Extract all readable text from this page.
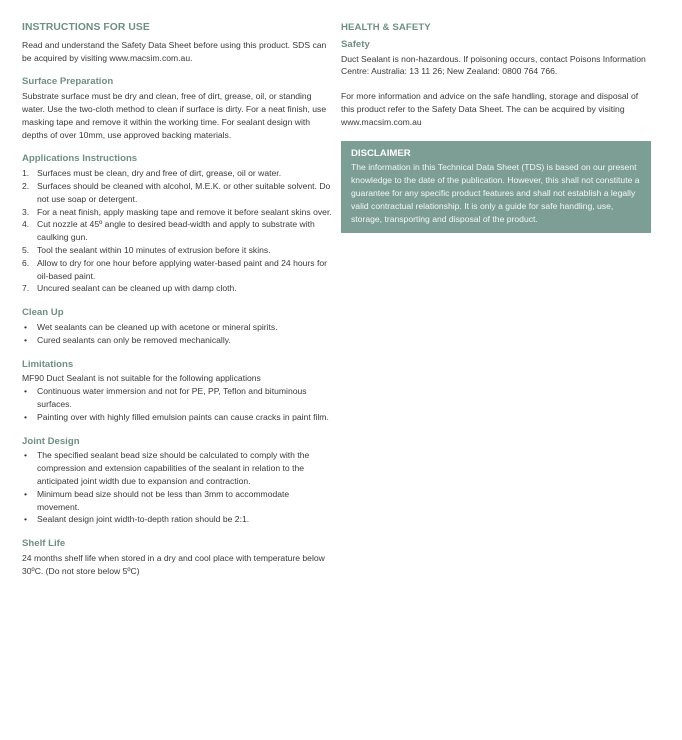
INSTRUCTIONS FOR USE

Read and understand the Safety Data Sheet before using this product. SDS can be acquired by visiting www.macsim.com.au.

Surface Preparation

Substrate surface must be dry and clean, free of dirt, grease, oil, or standing water. Use the two-cloth method to clean if surface is dirty. For a neat finish, use masking tape and remove it within the working time. For sealant design with depths of over 10mm, use approved backing materials.

Applications Instructions
1. Surfaces must be clean, dry and free of dirt, grease, oil or water.
2. Surfaces should be cleaned with alcohol, M.E.K. or other suitable solvent. Do not use soap or detergent.
3. For a neat finish, apply masking tape and remove it before sealant skins over.
4. Cut nozzle at 45º angle to desired bead-width and apply to substrate with caulking gun.
5. Tool the sealant within 10 minutes of extrusion before it skins.
6. Allow to dry for one hour before applying water-based paint and 24 hours for oil-based paint.
7. Uncured sealant can be cleaned up with damp cloth.
Clean Up
• Wet sealants can be cleaned up with acetone or mineral spirits.
• Cured sealants can only be removed mechanically.
Limitations

MF90 Duct Sealant is not suitable for the following applications

• Continuous water immersion and not for PE, PP, Teflon and bituminous surfaces.
• Painting over with highly filled emulsion paints can cause cracks in paint film.
Joint Design
• The specified sealant bead size should be calculated to comply with the compression and extension capabilities of the sealant in relation to the anticipated joint width due to expansion and contraction.
• Minimum bead size should not be less than 3mm to accommodate movement.
• Sealant design joint width-to-depth ration should be 2:1.
Shelf Life

24 months shelf life when stored in a dry and cool place with temperature below 30ºC. (Do not store below 5ºC)

HEALTH & SAFETY
Safety

Duct Sealant is non-hazardous. If poisoning occurs, contact Poisons Information Centre: Australia: 13 11 26; New Zealand: 0800 764 766.

For more information and advice on the safe handling, storage and disposal of this product refer to the Safety Data Sheet. The can be acquired by visiting www.macsim.com.au

DISCLAIMER

The information in this Technical Data Sheet (TDS) is based on our present knowledge to the date of the publication. However, this shall not constitute a guarantee for any specific product features and shall not establish a legally valid contractual relationship. It is only a guide for safe handling, use, storage, transporting and disposal of the product.
